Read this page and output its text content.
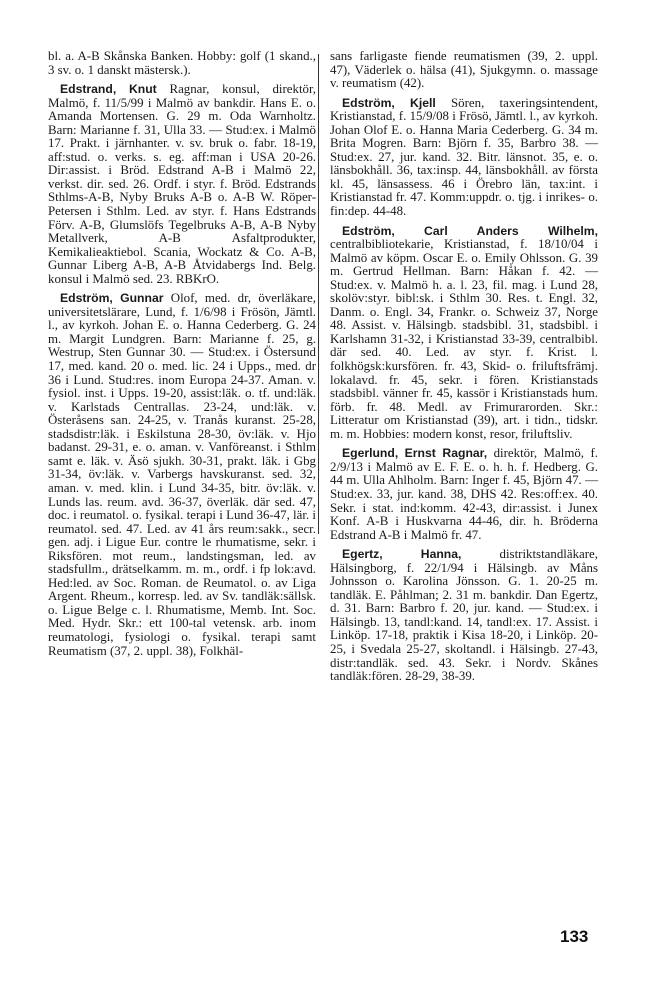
bl. a. A-B Skånska Banken. Hobby: golf (1 skand., 3 sv. o. 1 danskt mästersk.).

Edstrand, Knut Ragnar, konsul, direktör, Malmö, f. 11/5/99 i Malmö av bankdir. Hans E. o. Amanda Mortensen. G. 29 m. Oda Warnholtz. Barn: Marianne f. 31, Ulla 33. — Stud:ex. i Malmö 17. Prakt. i järnhanter. v. sv. bruk o. fabr. 18-19, aff:stud. o. verks. s. eg. aff:man i USA 20-26. Dir:assist. i Bröd. Edstrand A-B i Malmö 22, verkst. dir. sed. 26. Ordf. i styr. f. Bröd. Edstrands Sthlms-A-B, Nyby Bruks A-B o. A-B W. Röper-Petersen i Sthlm. Led. av styr. f. Hans Edstrands Förv. A-B, Glumslöfs Tegelbruks A-B, A-B Nyby Metallverk, A-B Asfaltprodukter, Kemikalieaktiebol. Scania, Wockatz & Co. A-B, Gunnar Liberg A-B, A-B Åtvidabergs Ind. Belg. konsul i Malmö sed. 23. RBKrO.

Edström, Gunnar Olof, med. dr, överläkare, universitetslärare, Lund, f. 1/6/98 i Frösön, Jämtl. l., av kyrkoh. Johan E. o. Hanna Cederberg. G. 24 m. Margit Lundgren. Barn: Marianne f. 25, g. Westrup, Sten Gunnar 30. — Stud:ex. i Östersund 17, med. kand. 20 o. med. lic. 24 i Upps., med. dr 36 i Lund. Stud:res. inom Europa 24-37. Aman. v. fysiol. inst. i Upps. 19-20, assist:läk. o. tf. und:läk. v. Karlstads Centrallas. 23-24, und:läk. v. Österåsens san. 24-25, v. Tranås kuranst. 25-28, stadsdistr:läk. i Eskilstuna 28-30, öv:läk. v. Hjo badanst. 29-31, e. o. aman. v. Vanföreanst. i Sthlm samt e. läk. v. Äsö sjukh. 30-31, prakt. läk. i Gbg 31-34, öv:läk. v. Varbergs havskuranst. sed. 32, aman. v. med. klin. i Lund 34-35, bitr. öv:läk. v. Lunds las. reum. avd. 36-37, överläk. där sed. 47, doc. i reumatol. o. fysikal. terapi i Lund 36-47, lär. i reumatol. sed. 47. Led. av 41 års reum:sakk., secr. gen. adj. i Ligue Eur. contre le rhumatisme, sekr. i Riksfören. mot reum., landstingsman, led. av stadsfullm., drätselkamm. m. m., ordf. i fp lok:avd. Hed:led. av Soc. Roman. de Reumatol. o. av Liga Argent. Rheum., korresp. led. av Sv. tandläk:sällsk. o. Ligue Belge c. l. Rhumatisme, Memb. Int. Soc. Med. Hydr. Skr.: ett 100-tal vetensk. arb. inom reumatologi, fysiologi o. fysikal. terapi samt Reumatism (37, 2. uppl. 38), Folkhäl-

sans farligaste fiende reumatismen (39, 2. uppl. 47), Väderlek o. hälsa (41), Sjukgymn. o. massage v. reumatism (42).

Edström, Kjell Sören, taxeringsintendent, Kristianstad, f. 15/9/08 i Frösö, Jämtl. l., av kyrkoh. Johan Olof E. o. Hanna Maria Cederberg. G. 34 m. Brita Mogren. Barn: Björn f. 35, Barbro 38. — Stud:ex. 27, jur. kand. 32. Bitr. länsnot. 35, e. o. länsbokhåll. 36, tax:insp. 44, länsbokhåll. av första kl. 45, länsassess. 46 i Örebro län, tax:int. i Kristianstad fr. 47. Komm:uppdr. o. tjg. i inrikes- o. fin:dep. 44-48.

Edström, Carl Anders Wilhelm, centralbibliotekarie, Kristianstad, f. 18/10/04 i Malmö av köpm. Oscar E. o. Emily Ohlsson. G. 39 m. Gertrud Hellman. Barn: Håkan f. 42. — Stud:ex. v. Malmö h. a. l. 23, fil. mag. i Lund 28, skolöv:styr. bibl:sk. i Sthlm 30. Res. t. Engl. 32, Danm. o. Engl. 34, Frankr. o. Schweiz 37, Norge 48. Assist. v. Hälsingb. stadsbibl. 31, stadsbibl. i Karlshamn 31-32, i Kristianstad 33-39, centralbibl. där sed. 40. Led. av styr. f. Krist. l. folkhögsk:kursfören. fr. 43, Skid- o. friluftsfrämj. lokalavd. fr. 45, sekr. i fören. Kristianstads stadsbibl. vänner fr. 45, kassör i Kristianstads hum. förb. fr. 48. Medl. av Frimurarorden. Skr.: Litteratur om Kristianstad (39), art. i tidn., tidskr. m. m. Hobbies: modern konst, resor, friluftsliv.

Egerlund, Ernst Ragnar, direktör, Malmö, f. 2/9/13 i Malmö av E. F. E. o. h. h. f. Hedberg. G. 44 m. Ulla Ahlholm. Barn: Inger f. 45, Björn 47. — Stud:ex. 33, jur. kand. 38, DHS 42. Res:off:ex. 40. Sekr. i stat. ind:komm. 42-43, dir:assist. i Junex Konf. A-B i Huskvarna 44-46, dir. h. Bröderna Edstrand A-B i Malmö fr. 47.

Egertz,	Hanna,	distriktstandläkare, Hälsingborg, f. 22/1/94 i Hälsingb. av Måns Johnsson o. Karolina Jönsson. G. 1. 20-25 m. tandläk. E. Påhlman; 2. 31 m. bankdir. Dan Egertz, d. 31. Barn: Barbro f. 20, jur. kand. — Stud:ex. i Hälsingb. 13, tandl:kand. 14, tandl:ex. 17. Assist. i Linköp. 17-18, praktik i Kisa 18-20, i Linköp. 20-25, i Svedala 25-27, skoltandl. i Hälsingb. 27-43, distr:tandläk. sed. 43. Sekr. i Nordv. Skånes tandläk:fören. 28-29, 38-39.

133
